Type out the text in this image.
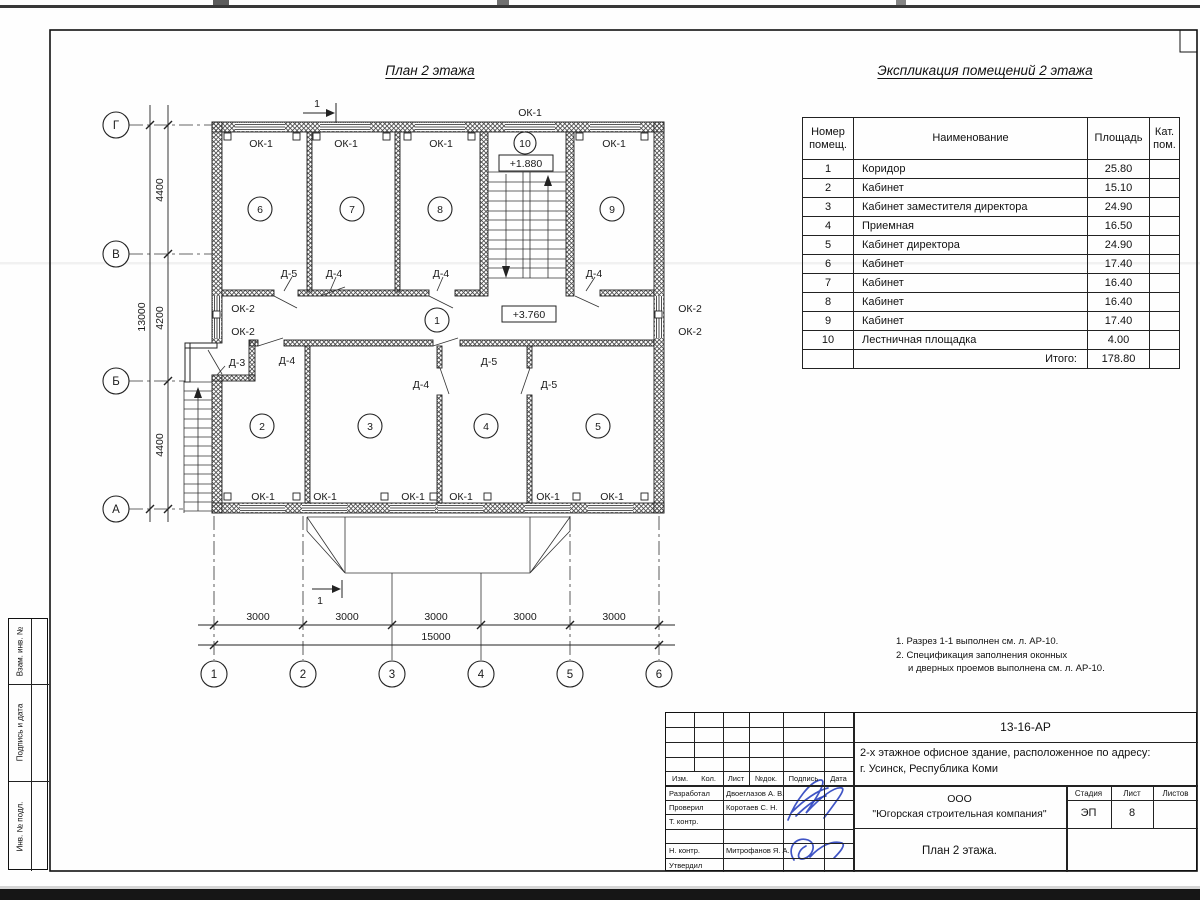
+1.880
+3.760
6	7	8	9
10
1
2	3	4	5
ОК-1	ОК-1	ОК-1	ОК-1
ОК-1
ОК-1	ОК-1	ОК-1 ОК-1	ОК-1	ОК-1
ОК-2
ОК-2
ОК-2
ОК-2
Д-5	Д-4	Д-4	Д-4
Д-3	Д-4	Д-5
Д-4	Д-5
1
1
3000	3000	3000	3000	3000
15000
4400
4200
4400
13000
1	2	3	4	5	6
Г
В
Б
А
План 2 этажа	Экспликация помещений 2 этажа
Номер помещ.	Наименование	Площадь	Кат. пом.
1	Коридор	25.80	
2	Кабинет	15.10	
3	Кабинет заместителя директора	24.90	
4	Приемная	16.50	
5	Кабинет директора	24.90	
6	Кабинет	17.40	
7	Кабинет	16.40	
8	Кабинет	16.40	
9	Кабинет	17.40	
10	Лестничная площадка	4.00	
	Итого:	178.80	
1. Разрез 1-1 выполнен см. л. АР-10.
2. Спецификация заполнения оконных
и дверных проемов выполнена см. л. АР-10.
13-16-АР
2-х этажное офисное здание, расположенное по адресу:
г. Усинск, Республика Коми
ООО
"Югорская строительная компания"
Стадия	Лист	Листов
ЭП	8
План 2 этажа.
Изм.	Кол.	Лист	№док.	Подпись	Дата
Разработал Двоеглазов А. В.
Проверил	Коротаев С. Н.
Т. контр.
Н. контр.	Митрофанов Я. А.
Утвердил
Взам. инв. №
Подпись и дата
Инв. № подл.
